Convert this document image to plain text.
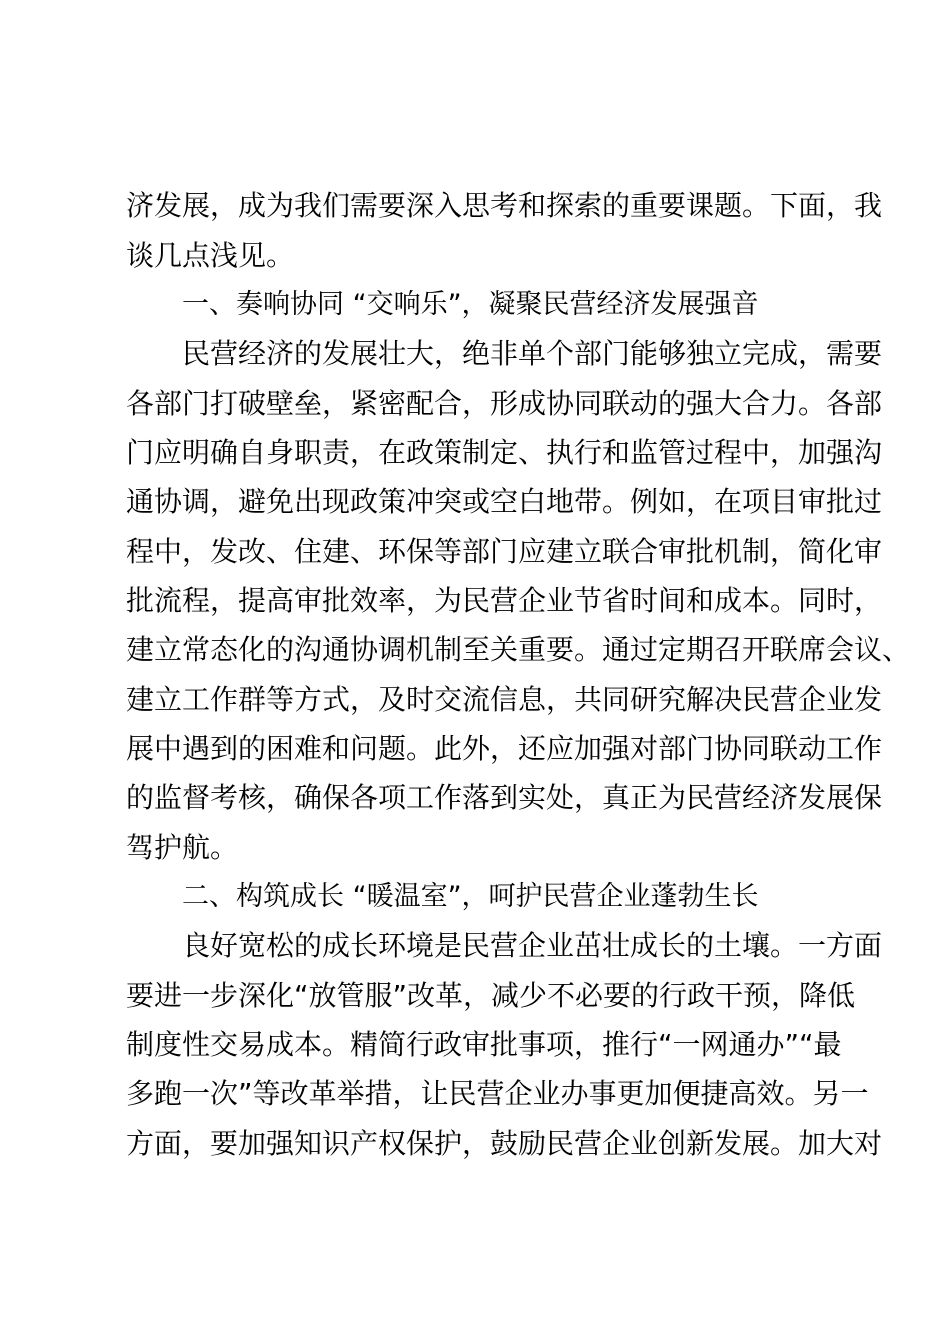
济发展，成为我们需要深入思考和探索的重要课题。下面，我
谈几点浅见。
一、奏响协同 “交响乐”，凝聚民营经济发展强音
民营经济的发展壮大，绝非单个部门能够独立完成，需要
各部门打破壁垒，紧密配合，形成协同联动的强大合力。各部
门应明确自身职责，在政策制定、执行和监管过程中，加强沟
通协调，避免出现政策冲突或空白地带。例如，在项目审批过
程中，发改、住建、环保等部门应建立联合审批机制，简化审
批流程，提高审批效率，为民营企业节省时间和成本。同时，
建立常态化的沟通协调机制至关重要。通过定期召开联席会议、
建立工作群等方式，及时交流信息，共同研究解决民营企业发
展中遇到的困难和问题。此外，还应加强对部门协同联动工作
的监督考核，确保各项工作落到实处，真正为民营经济发展保
驾护航。
二、构筑成长 “暖温室”，呵护民营企业蓬勃生长
良好宽松的成长环境是民营企业茁壮成长的土壤。一方面
要进一步深化“放管服”改革，减少不必要的行政干预，降低
制度性交易成本。精简行政审批事项，推行“一网通办”“最
多跑一次”等改革举措，让民营企业办事更加便捷高效。另一
方面，要加强知识产权保护，鼓励民营企业创新发展。加大对
